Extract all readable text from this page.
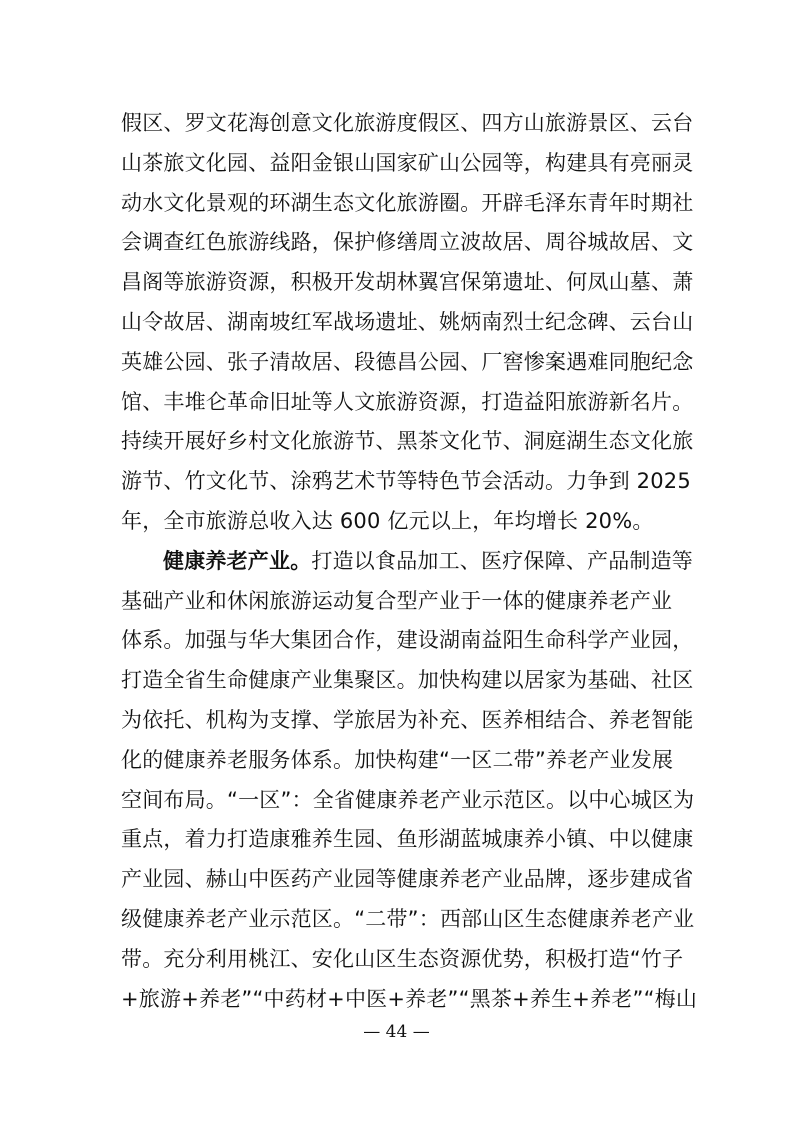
假区、罗文花海创意文化旅游度假区、四方山旅游景区、云台
山茶旅文化园、益阳金银山国家矿山公园等，构建具有亮丽灵
动水文化景观的环湖生态文化旅游圈。开辟毛泽东青年时期社
会调查红色旅游线路，保护修缮周立波故居、周谷城故居、文
昌阁等旅游资源，积极开发胡林翼宫保第遗址、何凤山墓、萧
山令故居、湖南坡红军战场遗址、姚炳南烈士纪念碑、云台山
英雄公园、张子清故居、段德昌公园、厂窖惨案遇难同胞纪念
馆、丰堆仑革命旧址等人文旅游资源，打造益阳旅游新名片。
持续开展好乡村文化旅游节、黑茶文化节、洞庭湖生态文化旅
游节、竹文化节、涂鸦艺术节等特色节会活动。力争到 2025
年，全市旅游总收入达 600 亿元以上，年均增长 20%。
健康养老产业。打造以食品加工、医疗保障、产品制造等
基础产业和休闲旅游运动复合型产业于一体的健康养老产业
体系。加强与华大集团合作，建设湖南益阳生命科学产业园，
打造全省生命健康产业集聚区。加快构建以居家为基础、社区
为依托、机构为支撑、学旅居为补充、医养相结合、养老智能
化的健康养老服务体系。加快构建“一区二带”养老产业发展
空间布局。“一区”：全省健康养老产业示范区。以中心城区为
重点，着力打造康雅养生园、鱼形湖蓝城康养小镇、中以健康
产业园、赫山中医药产业园等健康养老产业品牌，逐步建成省
级健康养老产业示范区。“二带”：西部山区生态健康养老产业
带。充分利用桃江、安化山区生态资源优势，积极打造“竹子
+旅游+养老”“中药材+中医+养老”“黑茶+养生+养老”“梅山
— 44 —
